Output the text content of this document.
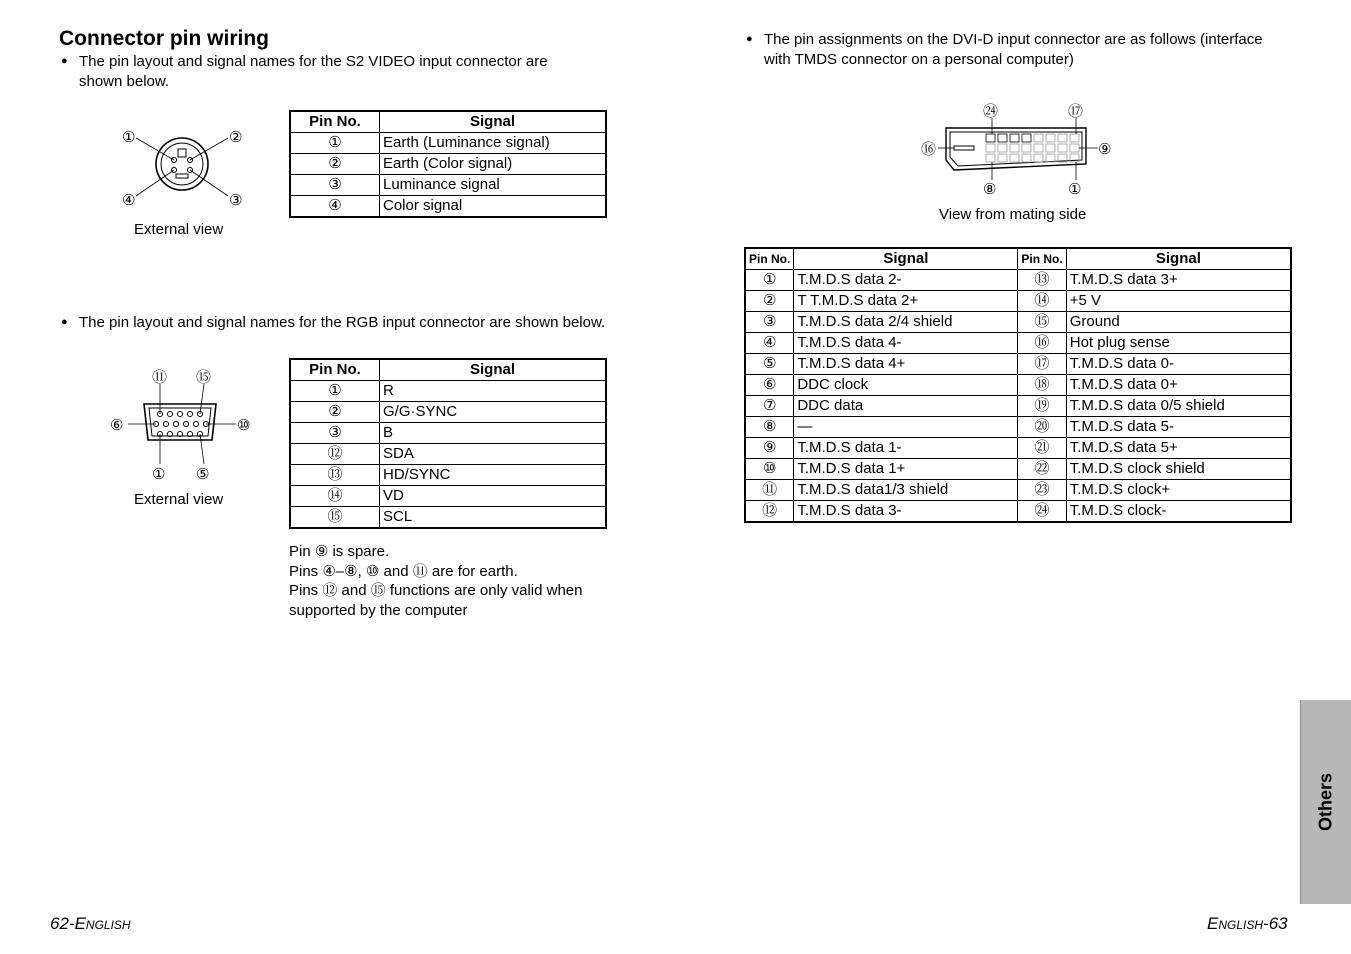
Connector pin wiring
● The pin layout and signal names for the S2 VIDEO input connector are shown below.
①	②
③
④
External view
Pin No.	Signal
①	Earth (Luminance signal)
②	Earth (Color signal)
③	Luminance signal
④	Color signal
● The pin layout and signal names for the RGB input connector are shown below.
⑪ ⑮
⑥	⑩
① ⑤
External view
Pin No.	Signal
①	R
②	G/G·SYNC
③	B
⑫	SDA
⑬	HD/SYNC
⑭	VD
⑮	SCL
Pin ⑨ is spare.
Pins ④–⑧, ⑩ and ⑪ are for earth.
Pins ⑫ and ⑮ functions are only valid when supported by the computer
62-English
● The pin assignments on the DVI-D input connector are as follows (interface with TMDS connector on a personal computer)
㉔	⑰
⑯	⑨
⑧	①
View from mating side
Pin No.	Signal	Pin No.	Signal
①	T.M.D.S data 2-	⑬	T.M.D.S data 3+
②	T T.M.D.S data 2+	⑭	+5 V
③	T.M.D.S data 2/4 shield	⑮	Ground
④	T.M.D.S data 4-	⑯	Hot plug sense
⑤	T.M.D.S data 4+	⑰	T.M.D.S data 0-
⑥	DDC clock	⑱	T.M.D.S data 0+
⑦	DDC data	⑲	T.M.D.S data 0/5 shield
⑧	—	⑳	T.M.D.S data 5-
⑨	T.M.D.S data 1-	㉑	T.M.D.S data 5+
⑩	T.M.D.S data 1+	㉒	T.M.D.S clock shield
⑪	T.M.D.S data1/3 shield	㉓	T.M.D.S clock+
⑫	T.M.D.S data 3-	㉔	T.M.D.S clock-
Others
English-63
